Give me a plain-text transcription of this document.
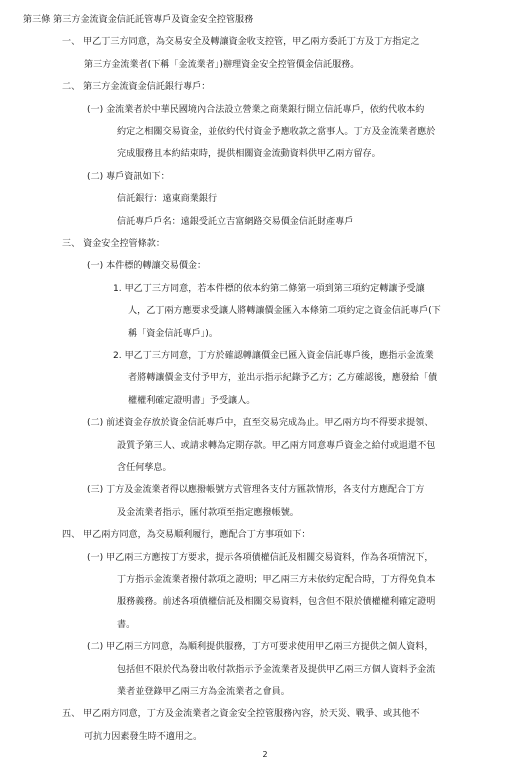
第三條 第三方金流資金信託託管專戶及資金安全控管服務
一、 甲乙丁三方同意，為交易安全及轉讓資金收支控管，甲乙兩方委託丁方及丁方指定之
第三方金流業者(下稱「金流業者」)辦理資金安全控管價金信託服務。
二、 第三方金流資金信託銀行專戶：
(一) 金流業者於中華民國境內合法設立營業之商業銀行開立信託專戶，依約代收本約
約定之相關交易資金，並依約代付資金予應收款之當事人。丁方及金流業者應於
完成服務且本約結束時，提供相關資金流動資料供甲乙兩方留存。
(二) 專戶資訊如下：
信託銀行：遠東商業銀行
信託專戶戶名：遠銀受託立吉富網路交易價金信託財產專戶
三、 資金安全控管條款：
(一) 本件標的轉讓交易價金：
1. 甲乙丁三方同意，若本件標的依本約第二條第一項到第三項約定轉讓予受讓
人，乙丁兩方應要求受讓人將轉讓價金匯入本條第二項約定之資金信託專戶(下
稱「資金信託專戶」)。
2. 甲乙丁三方同意，丁方於確認轉讓價金已匯入資金信託專戶後，應指示金流業
者將轉讓價金支付予甲方，並出示指示紀錄予乙方；乙方確認後，應發給「債
權權利確定證明書」予受讓人。
(二) 前述資金存放於資金信託專戶中，直至交易完成為止。甲乙兩方均不得要求提領、
設質予第三人、或請求轉為定期存款。甲乙兩方同意專戶資金之給付或退還不包
含任何孳息。
(三) 丁方及金流業者得以應撥帳號方式管理各支付方匯款情形，各支付方應配合丁方
及金流業者指示，匯付款項至指定應撥帳號。
四、 甲乙兩方同意，為交易順利履行，應配合丁方事項如下：
(一) 甲乙兩三方應按丁方要求，提示各項債權信託及相關交易資料，作為各項情況下，
丁方指示金流業者撥付款項之證明；甲乙兩三方未依約定配合時，丁方得免負本
服務義務。前述各項債權信託及相關交易資料，包含但不限於債權權利確定證明
書。
(二) 甲乙兩三方同意，為順利提供服務，丁方可要求使用甲乙兩三方提供之個人資料，
包括但不限於代為發出收付款指示予金流業者及提供甲乙兩三方個人資料予金流
業者並登錄甲乙兩三方為金流業者之會員。
五、 甲乙兩方同意，丁方及金流業者之資金安全控管服務內容，於天災、戰爭、或其他不
可抗力因素發生時不適用之。
2
